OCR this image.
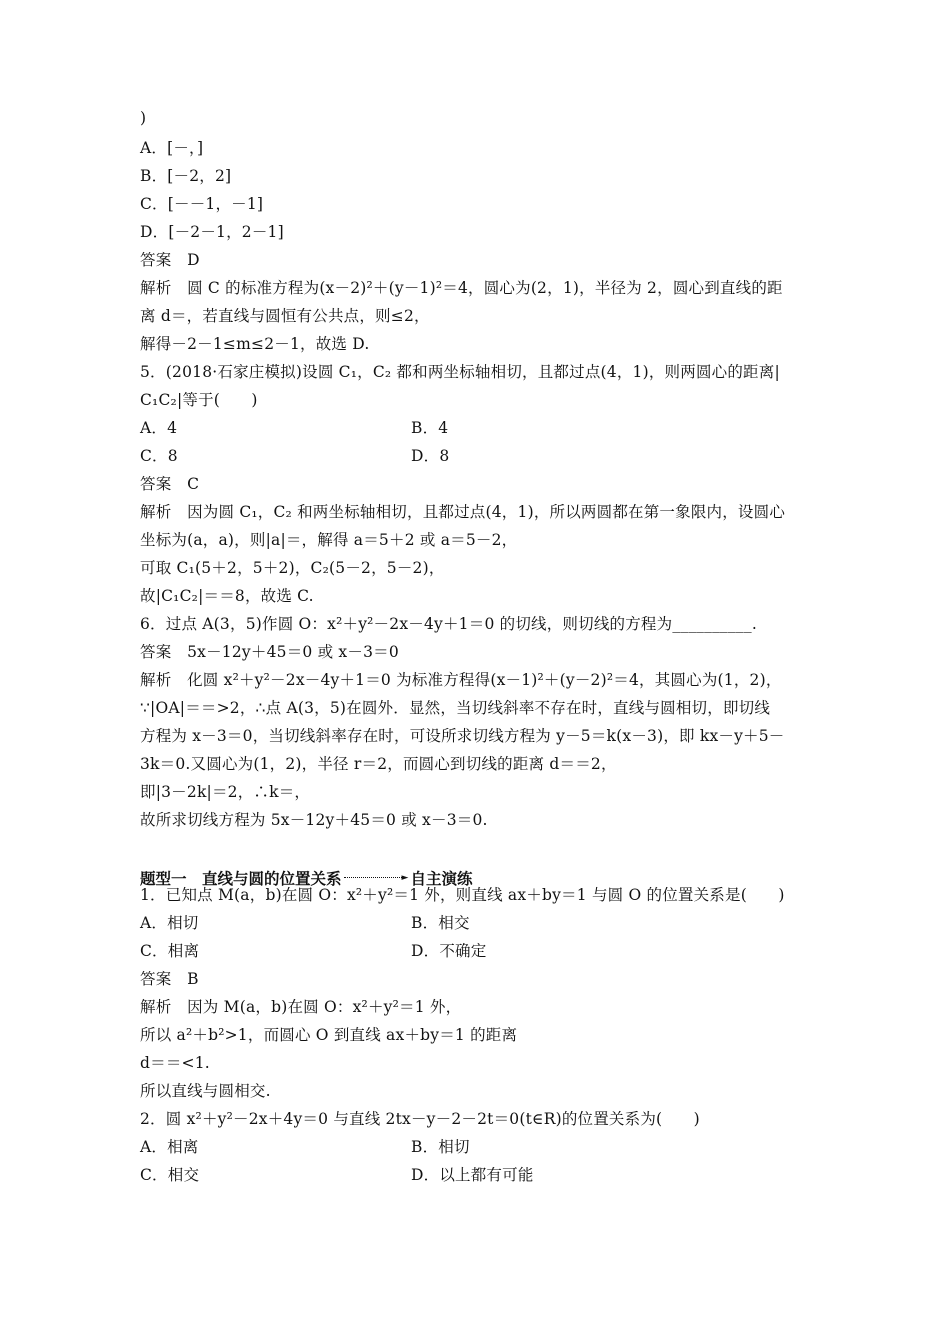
)
A．[－，]
B．[－2，2]
C．[－－1，－1]
D．[－2－1，2－1]
答案　D
解析　圆 C 的标准方程为(x－2)²＋(y－1)²＝4，圆心为(2，1)，半径为 2，圆心到直线的距
离 d＝，若直线与圆恒有公共点，则≤2，
解得－2－1≤m≤2－1，故选 D.
5．(2018·石家庄模拟)设圆 C₁，C₂ 都和两坐标轴相切，且都过点(4，1)，则两圆心的距离|
C₁C₂|等于(　　)
A．4	B．4
C．8	D．8
答案　C
解析　因为圆 C₁，C₂ 和两坐标轴相切，且都过点(4，1)，所以两圆都在第一象限内，设圆心
坐标为(a，a)，则|a|＝，解得 a＝5＋2 或 a＝5－2，
可取 C₁(5＋2，5＋2)，C₂(5－2，5－2)，
故|C₁C₂|＝＝8，故选 C.
6．过点 A(3，5)作圆 O：x²＋y²－2x－4y＋1＝0 的切线，则切线的方程为__________.
答案　5x－12y＋45＝0 或 x－3＝0
解析　化圆 x²＋y²－2x－4y＋1＝0 为标准方程得(x－1)²＋(y－2)²＝4，其圆心为(1，2)，
∵|OA|＝＝>2，∴点 A(3，5)在圆外．显然，当切线斜率不存在时，直线与圆相切，即切线
方程为 x－3＝0，当切线斜率存在时，可设所求切线方程为 y－5＝k(x－3)，即 kx－y＋5－
3k＝0.又圆心为(1，2)，半径 r＝2，而圆心到切线的距离 d＝＝2，
即|3－2k|＝2，∴k＝，
故所求切线方程为 5x－12y＋45＝0 或 x－3＝0.
1．已知点 M(a，b)在圆 O：x²＋y²＝1 外，则直线 ax＋by＝1 与圆 O 的位置关系是(　　)
A．相切	B．相交
C．相离	D．不确定
答案　B
解析　因为 M(a，b)在圆 O：x²＋y²＝1 外，
所以 a²＋b²>1，而圆心 O 到直线 ax＋by＝1 的距离
d＝＝<1.
所以直线与圆相交.
2．圆 x²＋y²－2x＋4y＝0 与直线 2tx－y－2－2t＝0(t∈R)的位置关系为(　　)
A．相离	B．相切
C．相交	D．以上都有可能
题型一　直线与圆的位置关系	► 自主演练
